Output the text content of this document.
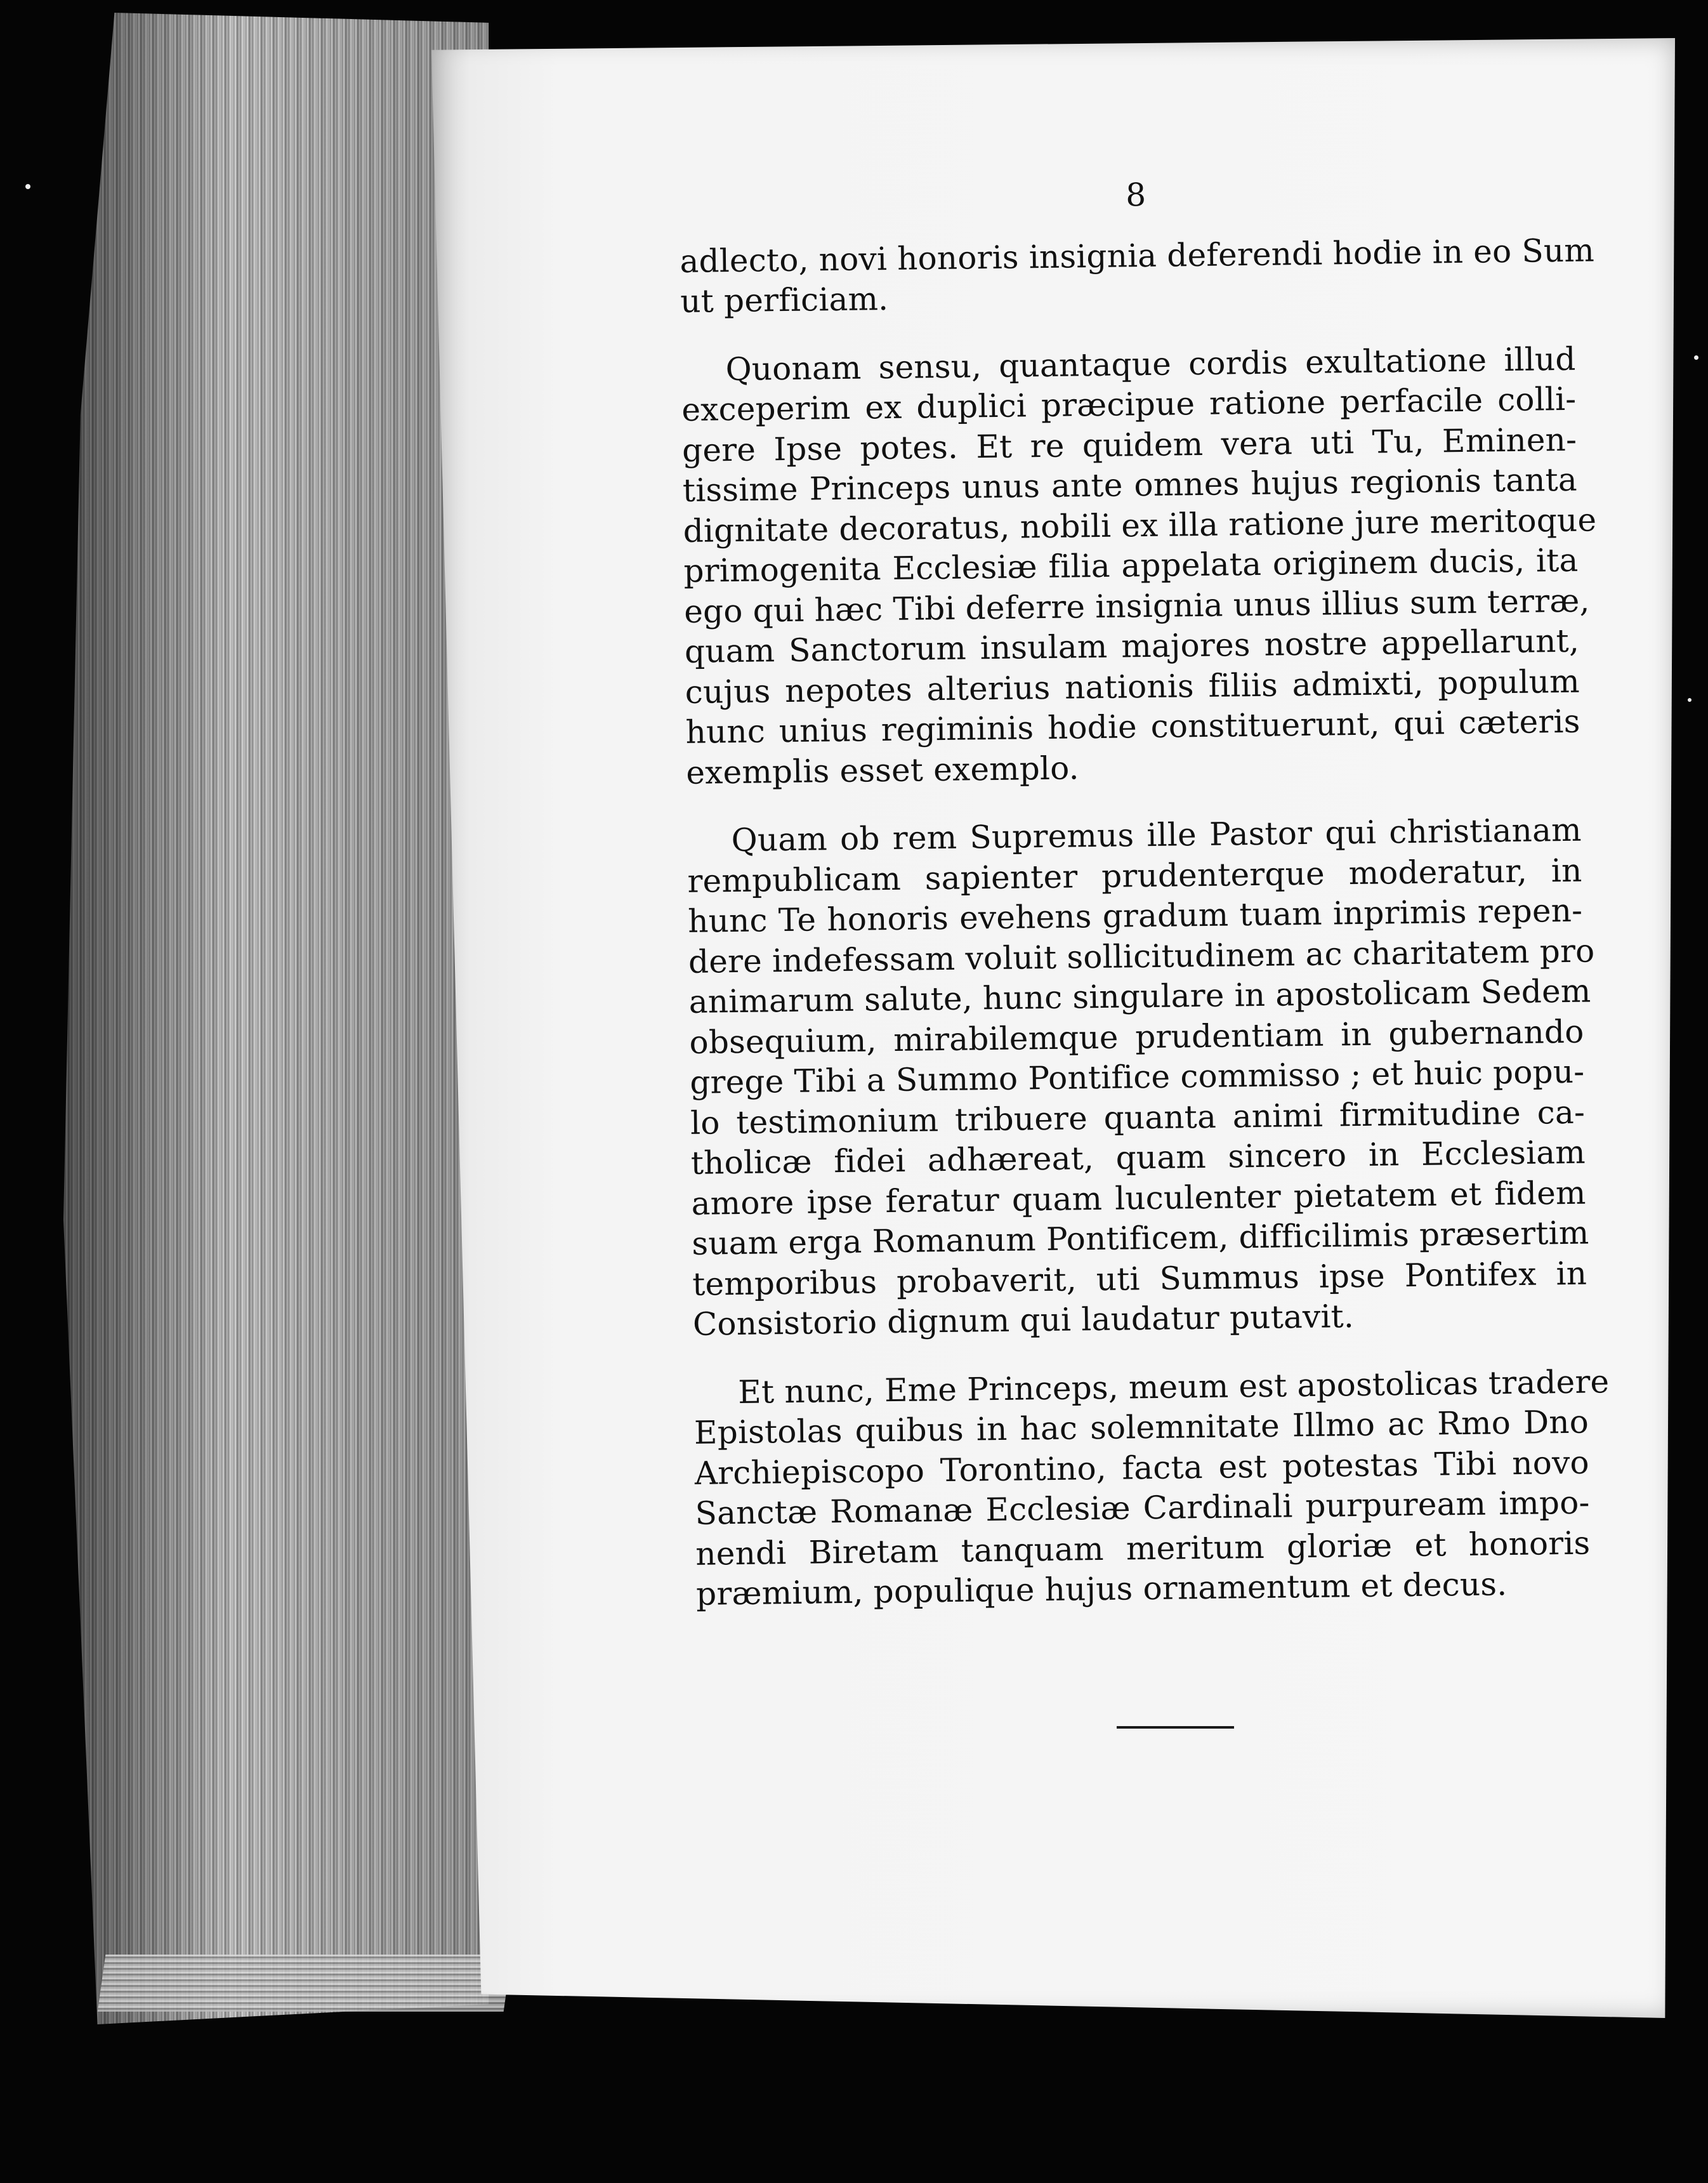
8
adlecto, novi honoris insignia deferendi hodie in eo Sum
ut perficiam.
Quonam sensu, quantaque cordis exultatione illud
exceperim ex duplici præcipue ratione perfacile colli-
gere Ipse potes. Et re quidem vera uti Tu, Eminen-
tissime Princeps unus ante omnes hujus regionis tanta
dignitate decoratus, nobili ex illa ratione jure meritoque
primogenita Ecclesiæ filia appelata originem ducis, ita
ego qui hæc Tibi deferre insignia unus illius sum terræ,
quam Sanctorum insulam majores nostre appellarunt,
cujus nepotes alterius nationis filiis admixti, populum
hunc unius regiminis hodie constituerunt, qui cæteris
exemplis esset exemplo.
Quam ob rem Supremus ille Pastor qui christianam
rempublicam sapienter prudenterque moderatur, in
hunc Te honoris evehens gradum tuam inprimis repen-
dere indefessam voluit sollicitudinem ac charitatem pro
animarum salute, hunc singulare in apostolicam Sedem
obsequium, mirabilemque prudentiam in gubernando
grege Tibi a Summo Pontifice commisso ; et huic popu-
lo testimonium tribuere quanta animi firmitudine ca-
tholicæ fidei adhæreat, quam sincero in Ecclesiam
amore ipse feratur quam luculenter pietatem et fidem
suam erga Romanum Pontificem, difficilimis præsertim
temporibus probaverit, uti Summus ipse Pontifex in
Consistorio dignum qui laudatur putavit.
Et nunc, Eme Princeps, meum est apostolicas tradere
Epistolas quibus in hac solemnitate Illmo ac Rmo Dno
Archiepiscopo Torontino, facta est potestas Tibi novo
Sanctæ Romanæ Ecclesiæ Cardinali purpuream impo-
nendi Biretam tanquam meritum gloriæ et honoris
præmium, populique hujus ornamentum et decus.
